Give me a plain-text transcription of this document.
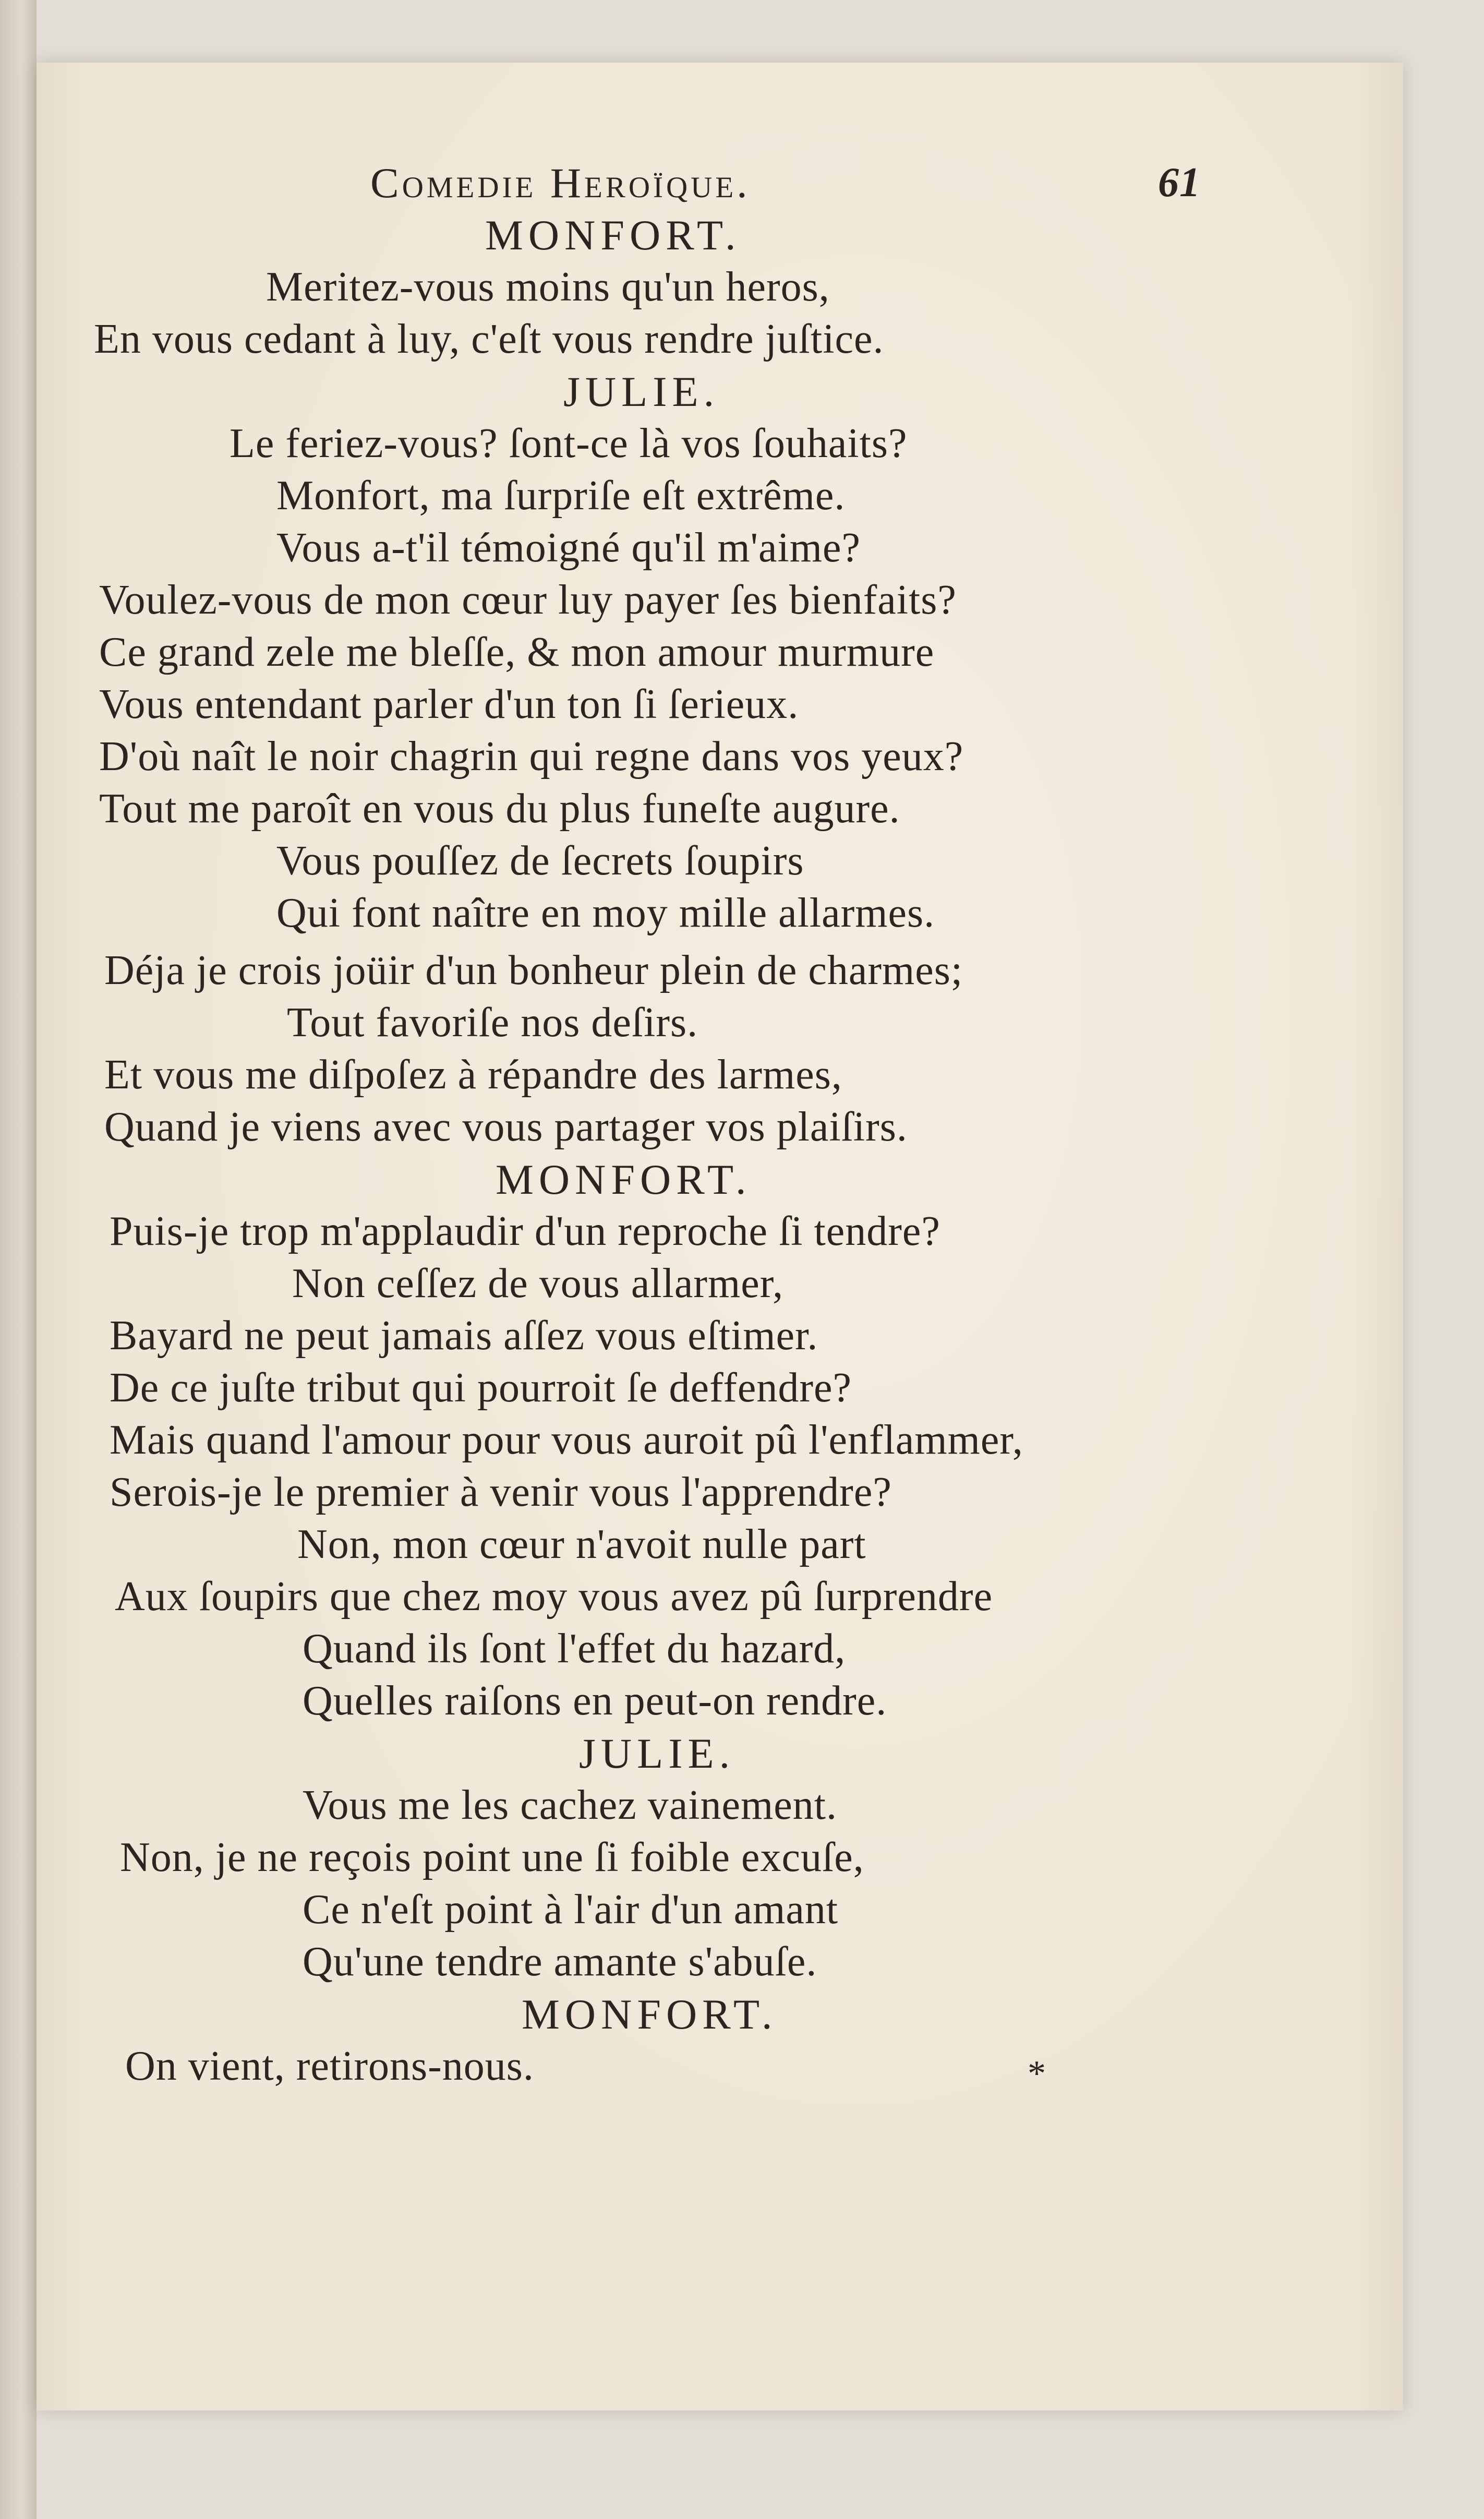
Comedie Heroïque.	61

MONFORT.

Meritez-vous moins qu'un heros,

En vous cedant à luy, c'eſt vous rendre juſtice.

JULIE.

Le feriez-vous? ſont-ce là vos ſouhaits?

Monfort, ma ſurpriſe eſt extrême.

Vous a-t'il témoigné qu'il m'aime?

Voulez-vous de mon cœur luy payer ſes bienfaits?

Ce grand zele me bleſſe, & mon amour murmure

Vous entendant parler d'un ton ſi ſerieux.

D'où naît le noir chagrin qui regne dans vos yeux?

Tout me paroît en vous du plus funeſte augure.

Vous pouſſez de ſecrets ſoupirs

Qui font naître en moy mille allarmes.

Déja je crois joüir d'un bonheur plein de charmes;

Tout favoriſe nos deſirs.

Et vous me diſpoſez à répandre des larmes,

Quand je viens avec vous partager vos plaiſirs.

MONFORT.

Puis-je trop m'applaudir d'un reproche ſi tendre?

Non ceſſez de vous allarmer,

Bayard ne peut jamais aſſez vous eſtimer.

De ce juſte tribut qui pourroit ſe deffendre?

Mais quand l'amour pour vous auroit pû l'enflammer,

Serois-je le premier à venir vous l'apprendre?

Non, mon cœur n'avoit nulle part

Aux ſoupirs que chez moy vous avez pû ſurprendre

Quand ils ſont l'effet du hazard,

Quelles raiſons en peut-on rendre.

JULIE.

Vous me les cachez vainement.

Non, je ne reçois point une ſi foible excuſe,

Ce n'eſt point à l'air d'un amant

Qu'une tendre amante s'abuſe.

MONFORT.

On vient, retirons-nous.	*
